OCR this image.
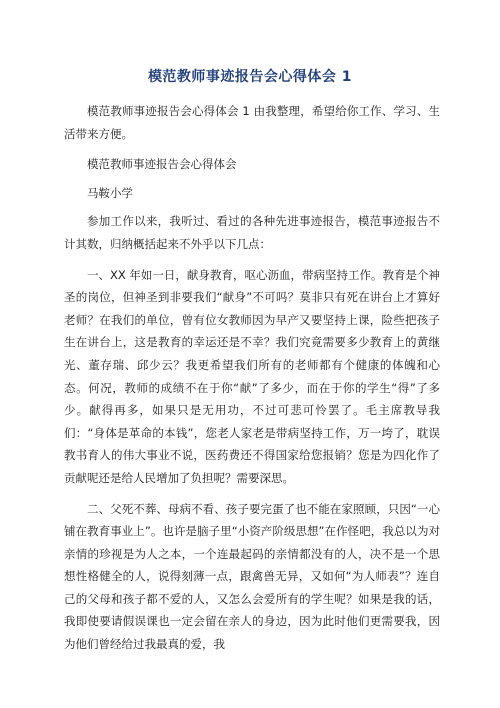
模范教师事迹报告会心得体会 1

模范教师事迹报告会心得体会 1 由我整理，希望给你工作、学习、生活带来方便。

模范教师事迹报告会心得体会

马鞍小学

参加工作以来，我听过、看过的各种先进事迹报告，模范事迹报告不计其数，归纳概括起来不外乎以下几点：

一、XX 年如一日，献身教育，呕心沥血，带病坚持工作。教育是个神圣的岗位，但神圣到非要我们“献身”不可吗？莫非只有死在讲台上才算好老师？在我们的单位，曾有位女教师因为早产又要坚持上课，险些把孩子生在讲台上，这是教育的幸运还是不幸？我们究竟需要多少教育上的黄继光、董存瑞、邱少云？我更希望我们所有的老师都有个健康的体魄和心态。何况，教师的成绩不在于你“献”了多少，而在于你的学生“得”了多少。献得再多，如果只是无用功，不过可悲可怜罢了。毛主席教导我们：“身体是革命的本钱”，您老人家老是带病坚持工作，万一垮了，耽误教书育人的伟大事业不说，医药费还不得国家给您报销？您是为四化作了贡献呢还是给人民增加了负担呢？需要深思。

二、父死不葬、母病不看、孩子要完蛋了也不能在家照顾，只因“一心铺在教育事业上”。也许是脑子里“小资产阶级思想”在作怪吧，我总以为对亲情的珍视是为人之本，一个连最起码的亲情都没有的人，决不是一个思想性格健全的人，说得刻薄一点，跟禽兽无异，又如何“为人师表”？连自己的父母和孩子都不爱的人，又怎么会爱所有的学生呢？如果是我的话，我即使要请假误课也一定会留在亲人的身边，因为此时他们更需要我，因为他们曾经给过我最真的爱，我
